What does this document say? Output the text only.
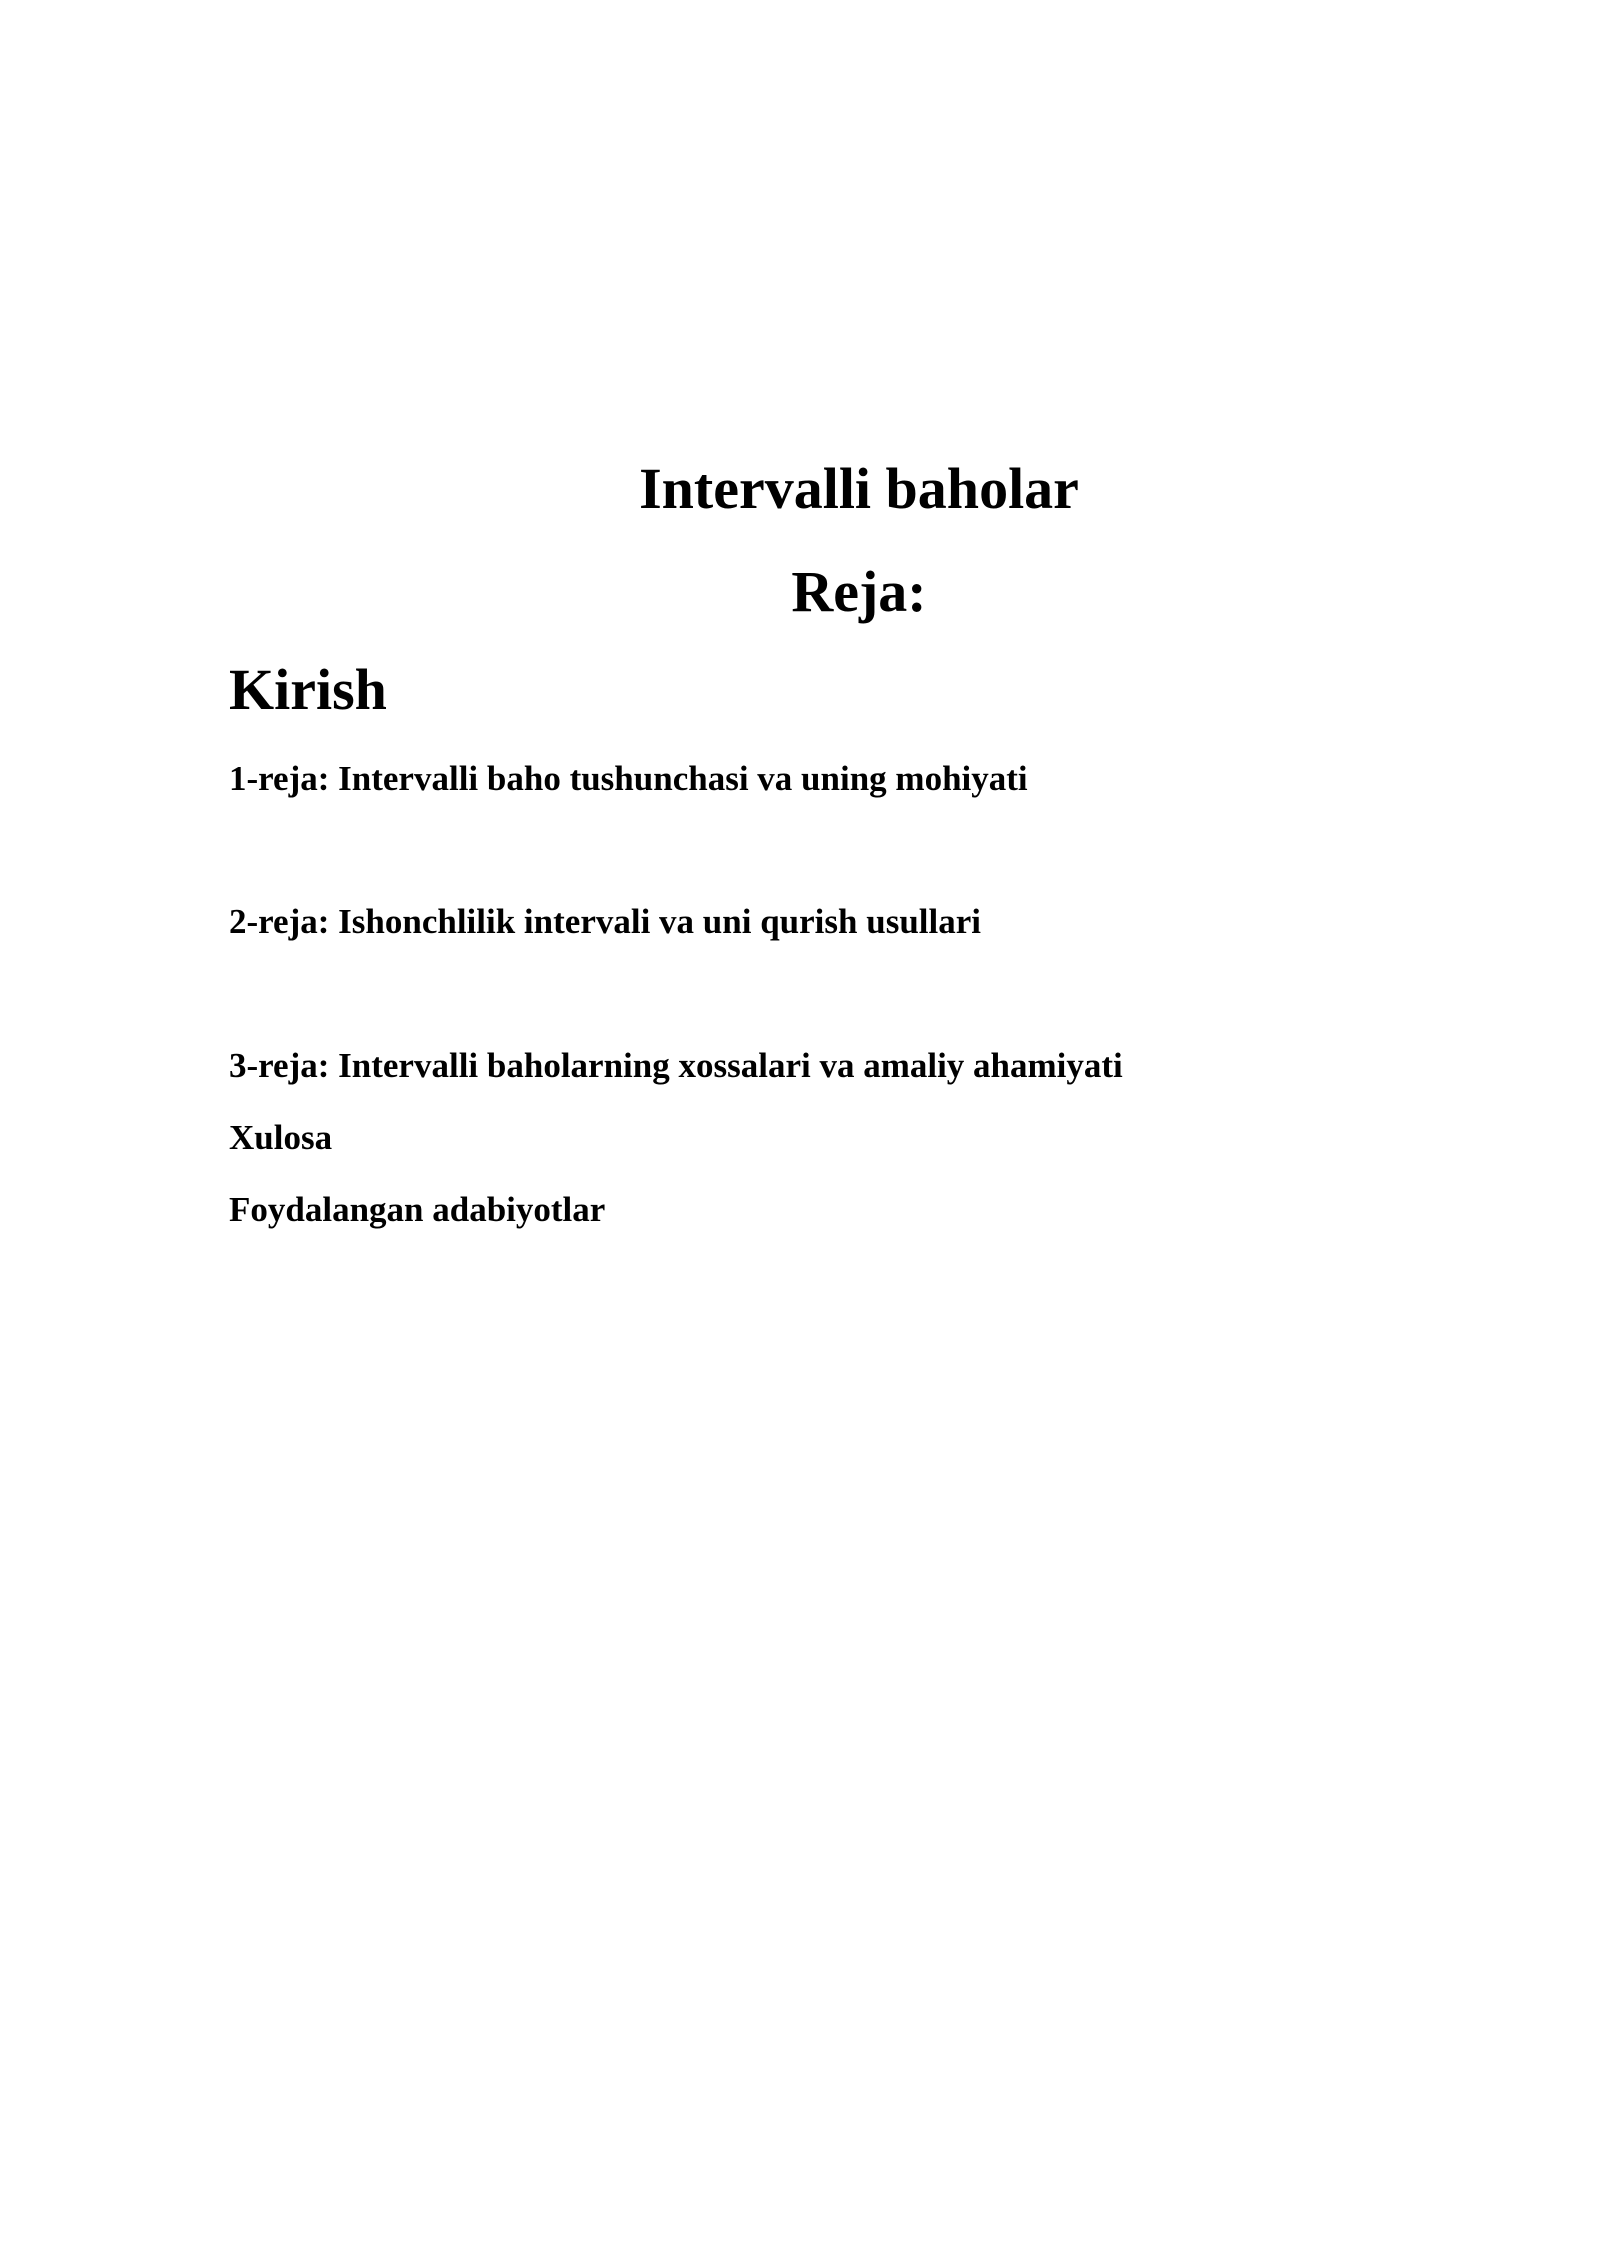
Intervalli baholar
Reja:
Kirish

1-reja: Intervalli baho tushunchasi va uning mohiyati

2-reja: Ishonchlilik intervali va uni qurish usullari

3-reja: Intervalli baholarning xossalari va amaliy ahamiyati

Xulosa

Foydalangan adabiyotlar
